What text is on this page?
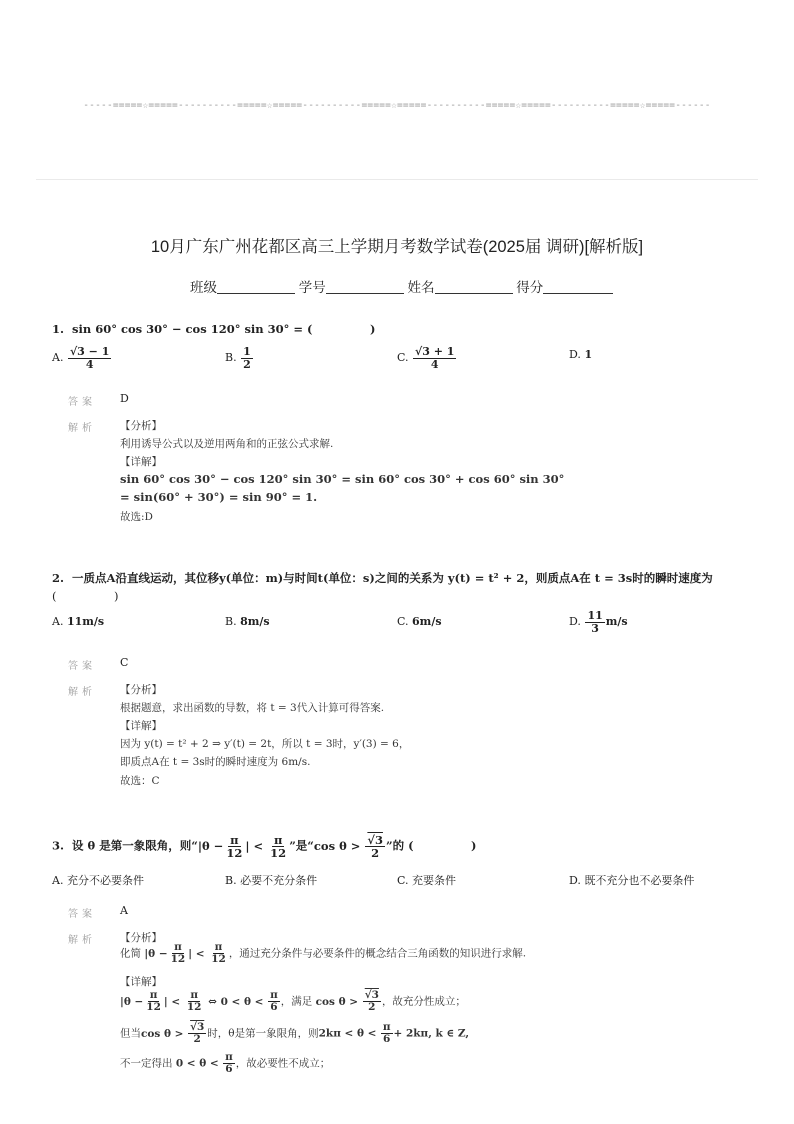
-----=====☆=====----------=====☆=====----------=====☆=====----------=====☆=====----------=====☆=====------
10月广东广州花都区高三上学期月考数学试卷(2025届 调研)[解析版]
班级	学号	姓名	得分
1. sin 60° cos 30° − cos 120° sin 30° = (　　　　　)
A. $\frac{√3 - 1}{4}$	B. $\frac{1}{2}$	C. $\frac{√3 + 1}{4}$	D. 1
答案 D
解析 【分析】
利用诱导公式以及逆用两角和的正弦公式求解.
【详解】
sin 60° cos 30° − cos 120° sin 30° = sin 60° cos 30° + cos 60° sin 30°
= sin(60° + 30°) = sin 90° = 1.
故选:D
2. 一质点A沿直线运动，其位移y(单位：m)与时间t(单位：s)之间的关系为 y(t) = t² + 2，则质点A在 t = 3s时的瞬时速度为
(　　　　　)
A. 11m/s	B. 8m/s	C. 6m/s	D. $\frac{11}{3} m/s$
答案 C
解析 【分析】
根据题意，求出函数的导数，将 t = 3代入计算可得答案.
【详解】
因为 y(t) = t² + 2 ⇒ y′(t) = 2t，所以 t = 3时，y′(3) = 6，
即质点A在 t = 3s时的瞬时速度为 6m/s.
故选：C
3. 设 θ 是第一象限角，则“$|\theta - \frac{\pi}{12}$ | < $\frac{\pi}{12}$ ”是“cos $\theta > \frac{√3}{2}$ ”的 (　　　　　)
A. 充分不必要条件	B. 必要不充分条件	C. 充要条件	D. 既不充分也不必要条件
答案 A
解析 【分析】
化简 $|\theta - \frac{\pi}{12}$ | < $\frac{\pi}{12}$ ，通过充分条件与必要条件的概念结合三角函数的知识进行求解.
【详解】
$|\theta - \frac{\pi}{12}$ | < $\frac{\pi}{12}$ ⇔ $0 < \theta < \frac{\pi}{6}$ ，满足 $\cos \theta > \frac{√3}{2}$ ，故充分性成立；
但当$\cos \theta > \frac{√3}{2}$ 时，θ是第一象限角，则$2k\pi < \theta < \frac{\pi}{6} + 2k\pi$, k ∈ Z,
不一定得出 $0 < \theta < \frac{\pi}{6}$ ，故必要性不成立；
